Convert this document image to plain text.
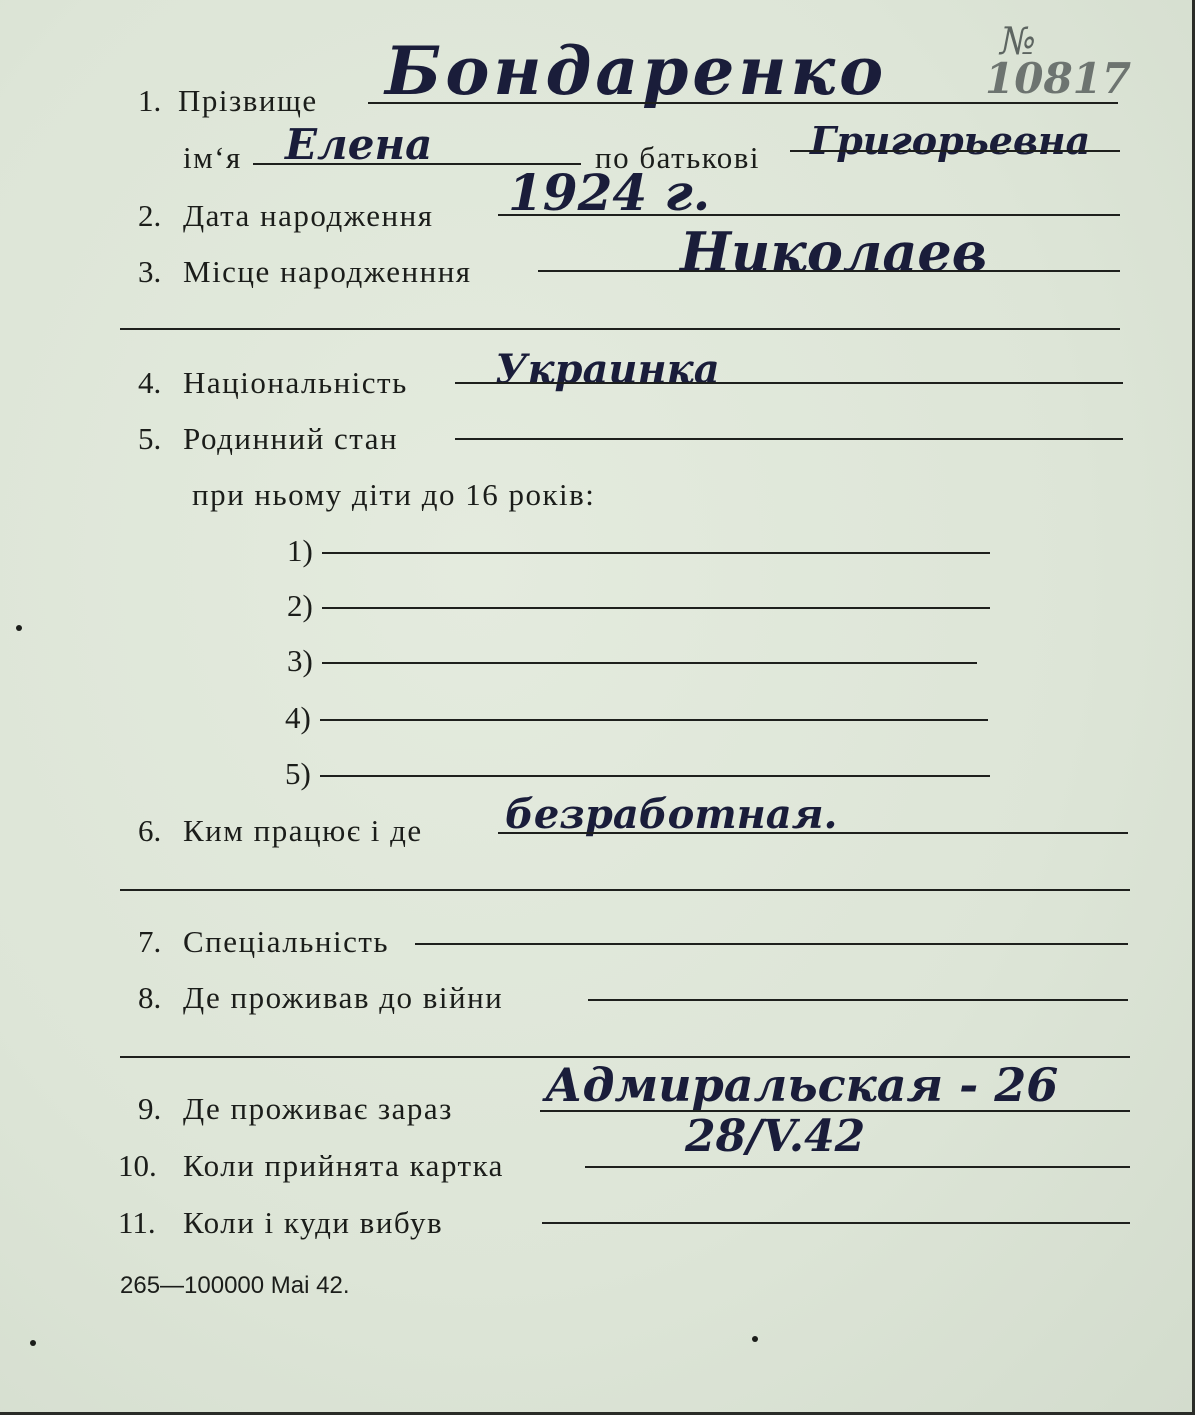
№
10817
1. Прізвище Бондаренко
ім‘я Елена	по батькові Григорьевна
2. Дата народження 1924 г.
3. Місце народженння	Николаев
4. Національність Украинка
5. Родинний стан
при ньому діти до 16 років:
1)
2)
3)
4)
5)
6. Ким працює і де безработная.
7. Спеціальність
8. Де проживав до війни
9. Де проживає зараз Адмиральская - 26
10. Коли прийнята картка
28/V.42
11. Коли і куди вибув
265—100000 Mai 42.
